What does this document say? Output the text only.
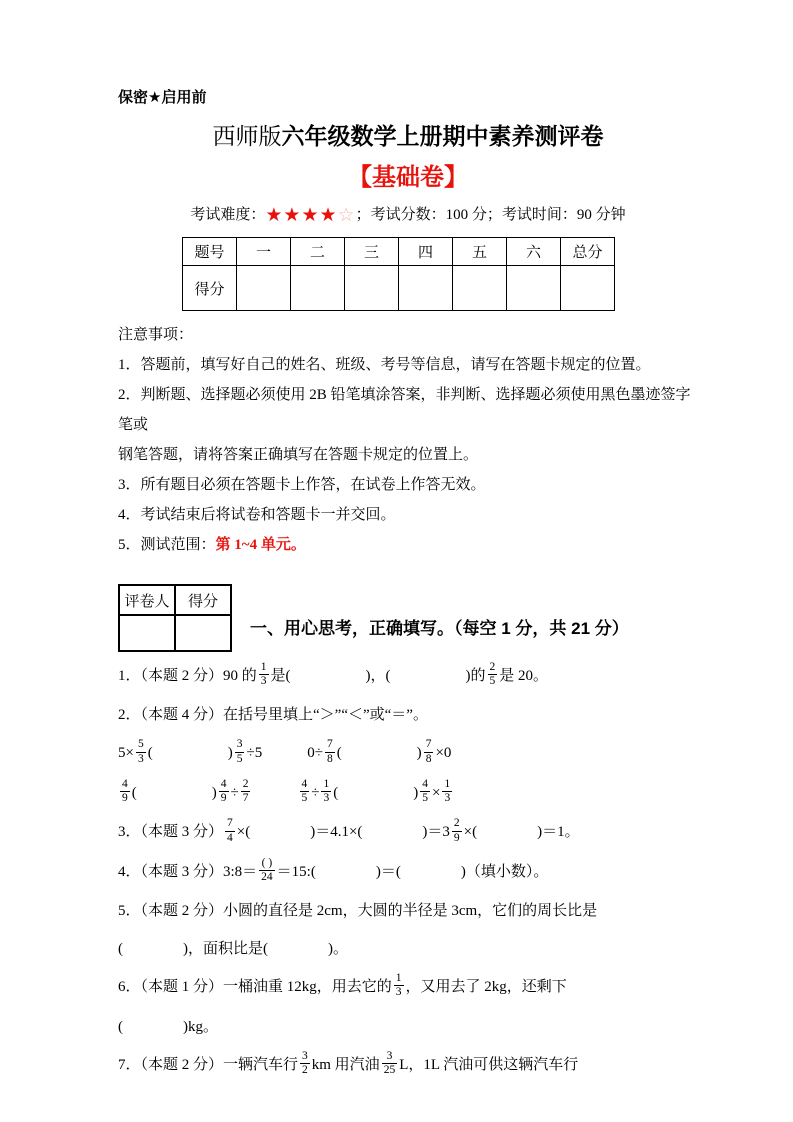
保密★启用前
西师版六年级数学上册期中素养测评卷
【基础卷】
考试难度：★★★★☆；考试分数：100 分；考试时间：90 分钟
题号	一	二	三	四	五	六	总分
得分							
注意事项：
1．答题前，填写好自己的姓名、班级、考号等信息，请写在答题卡规定的位置。
2．判断题、选择题必须使用 2B 铅笔填涂答案，非判断、选择题必须使用黑色墨迹签字笔或
钢笔答题，请将答案正确填写在答题卡规定的位置上。
3．所有题目必须在答题卡上作答，在试卷上作答无效。
4．考试结束后将试卷和答题卡一并交回。
5．测试范围：第 1~4 单元。
评卷人	得分

一、用心思考，正确填写。（每空 1 分，共 21 分）
1．（本题 2 分）90 的 $\frac{1}{3}$ 是(　　　　　)，(　　　　　)的 $\frac{2}{5}$ 是 20。
2．（本题 4 分）在括号里填上“＞”“＜”或“＝”。
$5\times \frac{5}{3}$ (　　　　　) $\frac{3}{5} \div 5$　　　$0\div \frac{7}{8}$ (　　　　　) $\frac{7}{8} \times 0$
$\frac{4}{9}$ (　　　　　) $\frac{4}{9} \div \frac{2}{7}$
　　　	$\frac{4}{5} \div \frac{1}{3}$ (　　　　　) $\frac{4}{5} \times \frac{1}{3}$
3．（本题 3 分） $\frac{7}{4}$ ×(　　　　)＝4.1×(　　　　)$=3 \frac{2}{9}$ ×(　　　　)＝1。
4．（本题 3 分）3:8＝ $\frac{( )}{24}$ ＝15:(　　　　)＝(　　　　)（填小数）。
5．（本题 2 分）小圆的直径是 2cm，大圆的半径是 3cm，它们的周长比是
(　　　　)，面积比是(　　　　)。
6．（本题 1 分）一桶油重 12kg，用去它的 $\frac{1}{3}$ ，又用去了 2kg，还剩下
(　　　　)kg。
7．（本题 2 分）一辆汽车行 $\frac{3}{2}$ km 用汽油 $\frac{3}{25}$ L，1L 汽油可供这辆汽车行
